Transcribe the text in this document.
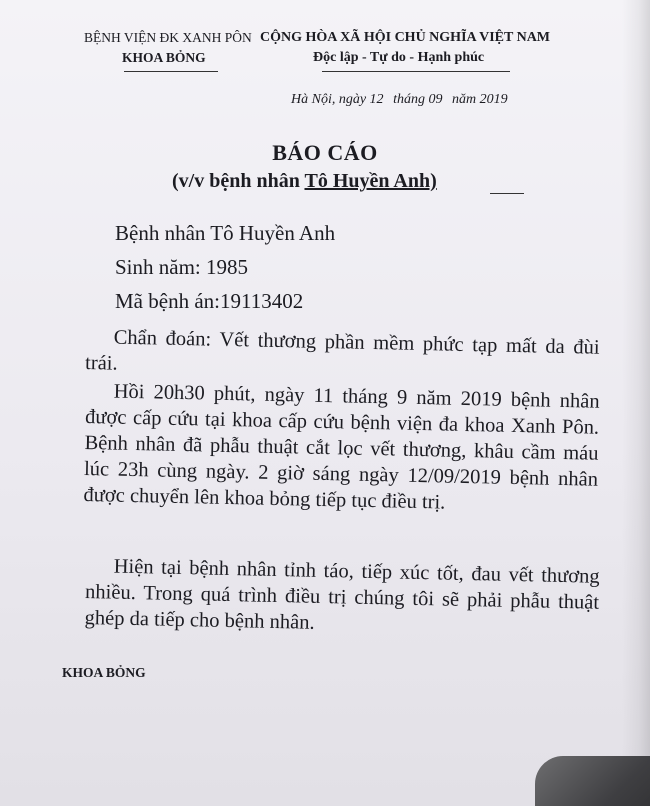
BỆNH VIỆN ĐK XANH PÔN CỘNG HÒA XÃ HỘI CHỦ NGHĨA VIỆT NAM
KHOA BỎNG	Độc lập - Tự do - Hạnh phúc
Hà Nội, ngày 12 tháng 09 năm 2019
BÁO CÁO
(v/v bệnh nhân Tô Huyền Anh)
Bệnh nhân Tô Huyền Anh
Sinh năm: 1985
Mã bệnh án:19113402
Chẩn đoán: Vết thương phần mềm phức tạp mất da đùi trái.
Hồi 20h30 phút, ngày 11 tháng 9 năm 2019 bệnh nhân được cấp cứu tại khoa cấp cứu bệnh viện đa khoa Xanh Pôn. Bệnh nhân đã phẫu thuật cắt lọc vết thương, khâu cầm máu lúc 23h cùng ngày. 2 giờ sáng ngày 12/09/2019 bệnh nhân được chuyển lên khoa bỏng tiếp tục điều trị.
Hiện tại bệnh nhân tỉnh táo, tiếp xúc tốt, đau vết thương nhiều. Trong quá trình điều trị chúng tôi sẽ phải phẫu thuật ghép da tiếp cho bệnh nhân.
KHOA BỎNG
